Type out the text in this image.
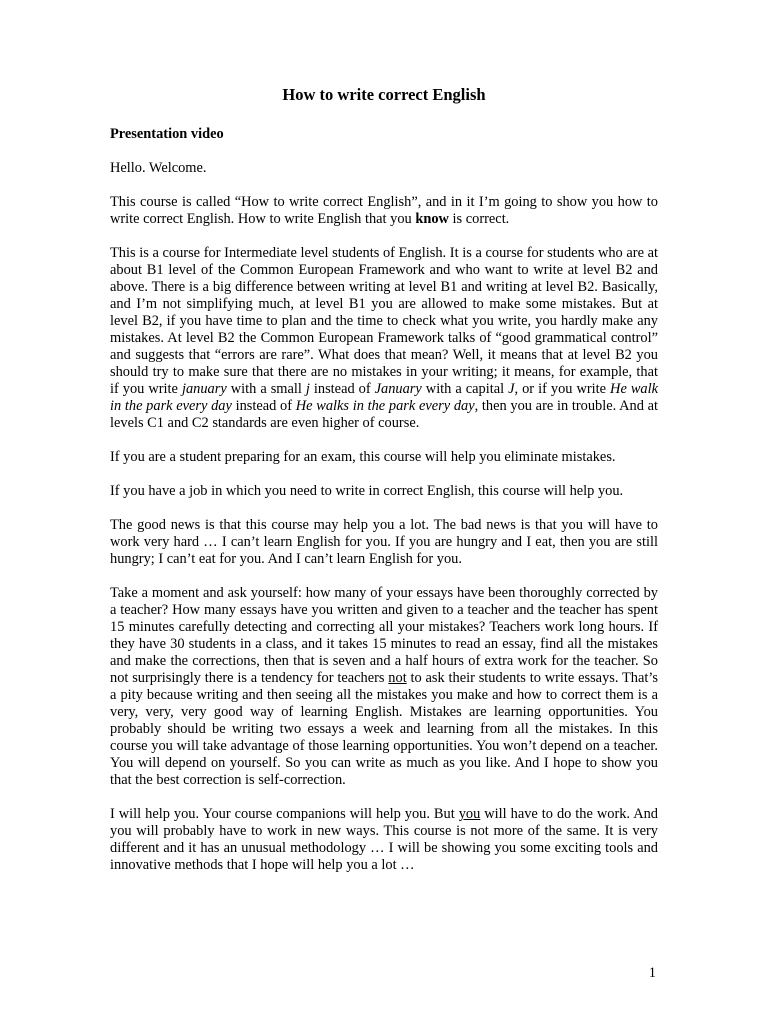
How to write correct English
Presentation video

Hello. Welcome.

This course is called “How to write correct English”, and in it I’m going to show you how to write correct English. How to write English that you know is correct.

This is a course for Intermediate level students of English. It is a course for students who are at about B1 level of the Common European Framework and who want to write at level B2 and above. There is a big difference between writing at level B1 and writing at level B2. Basically, and I’m not simplifying much, at level B1 you are allowed to make some mistakes. But at level B2, if you have time to plan and the time to check what you write, you hardly make any mistakes. At level B2 the Common European Framework talks of “good grammatical control” and suggests that “errors are rare”. What does that mean? Well, it means that at level B2 you should try to make sure that there are no mistakes in your writing; it means, for example, that if you write january with a small j instead of January with a capital J, or if you write He walk in the park every day instead of He walks in the park every day, then you are in trouble. And at levels C1 and C2 standards are even higher of course.

If you are a student preparing for an exam, this course will help you eliminate mistakes.

If you have a job in which you need to write in correct English, this course will help you.

The good news is that this course may help you a lot. The bad news is that you will have to work very hard … I can’t learn English for you. If you are hungry and I eat, then you are still hungry; I can’t eat for you. And I can’t learn English for you.

Take a moment and ask yourself: how many of your essays have been thoroughly corrected by a teacher? How many essays have you written and given to a teacher and the teacher has spent 15 minutes carefully detecting and correcting all your mistakes? Teachers work long hours. If they have 30 students in a class, and it takes 15 minutes to read an essay, find all the mistakes and make the corrections, then that is seven and a half hours of extra work for the teacher. So not surprisingly there is a tendency for teachers not to ask their students to write essays. That’s a pity because writing and then seeing all the mistakes you make and how to correct them is a very, very, very good way of learning English. Mistakes are learning opportunities. You probably should be writing two essays a week and learning from all the mistakes. In this course you will take advantage of those learning opportunities. You won’t depend on a teacher. You will depend on yourself. So you can write as much as you like. And I hope to show you that the best correction is self-correction.

I will help you. Your course companions will help you. But you will have to do the work. And you will probably have to work in new ways. This course is not more of the same. It is very different and it has an unusual methodology … I will be showing you some exciting tools and innovative methods that I hope will help you a lot …

1
